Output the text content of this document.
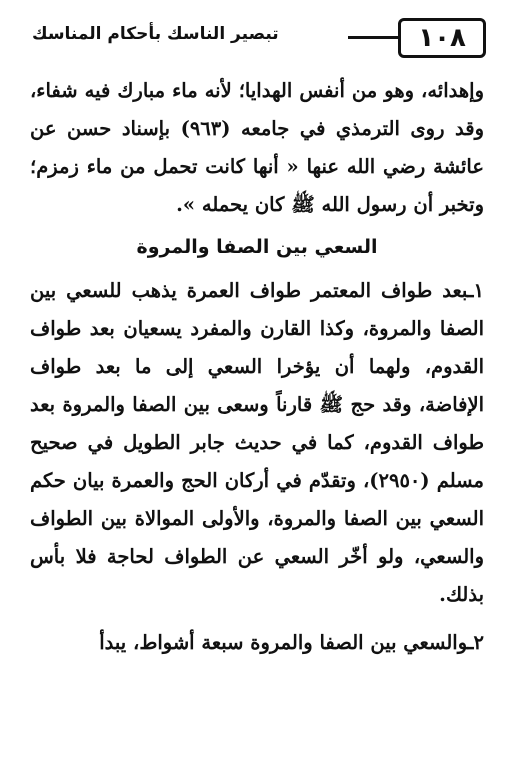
١٠٨
تبصير الناسك بأحكام المناسك

وإهدائه، وهو من أنفس الهدايا؛ لأنه ماء مبارك فيه شفاء، وقد روى الترمذي في جامعه (٩٦٣) بإسناد حسن عن عائشة رضي الله عنها « أنها كانت تحمل من ماء زمزم؛ وتخبر أن رسول الله ﷺ كان يحمله ».

السعي بين الصفا والمروة

١ـبعد طواف المعتمر طواف العمرة يذهب للسعي بين الصفا والمروة، وكذا القارن والمفرد يسعيان بعد طواف القدوم، ولهما أن يؤخرا السعي إلى ما بعد طواف الإفاضة، وقد حج ﷺ قارناً وسعى بين الصفا والمروة بعد طواف القدوم، كما في حديث جابر الطويل في صحيح مسلم (٢٩٥٠)، وتقدّم في أركان الحج والعمرة بيان حكم السعي بين الصفا والمروة، والأولى الموالاة بين الطواف والسعي، ولو أخّر السعي عن الطواف لحاجة فلا بأس بذلك.

٢ـوالسعي بين الصفا والمروة سبعة أشواط، يبدأ
